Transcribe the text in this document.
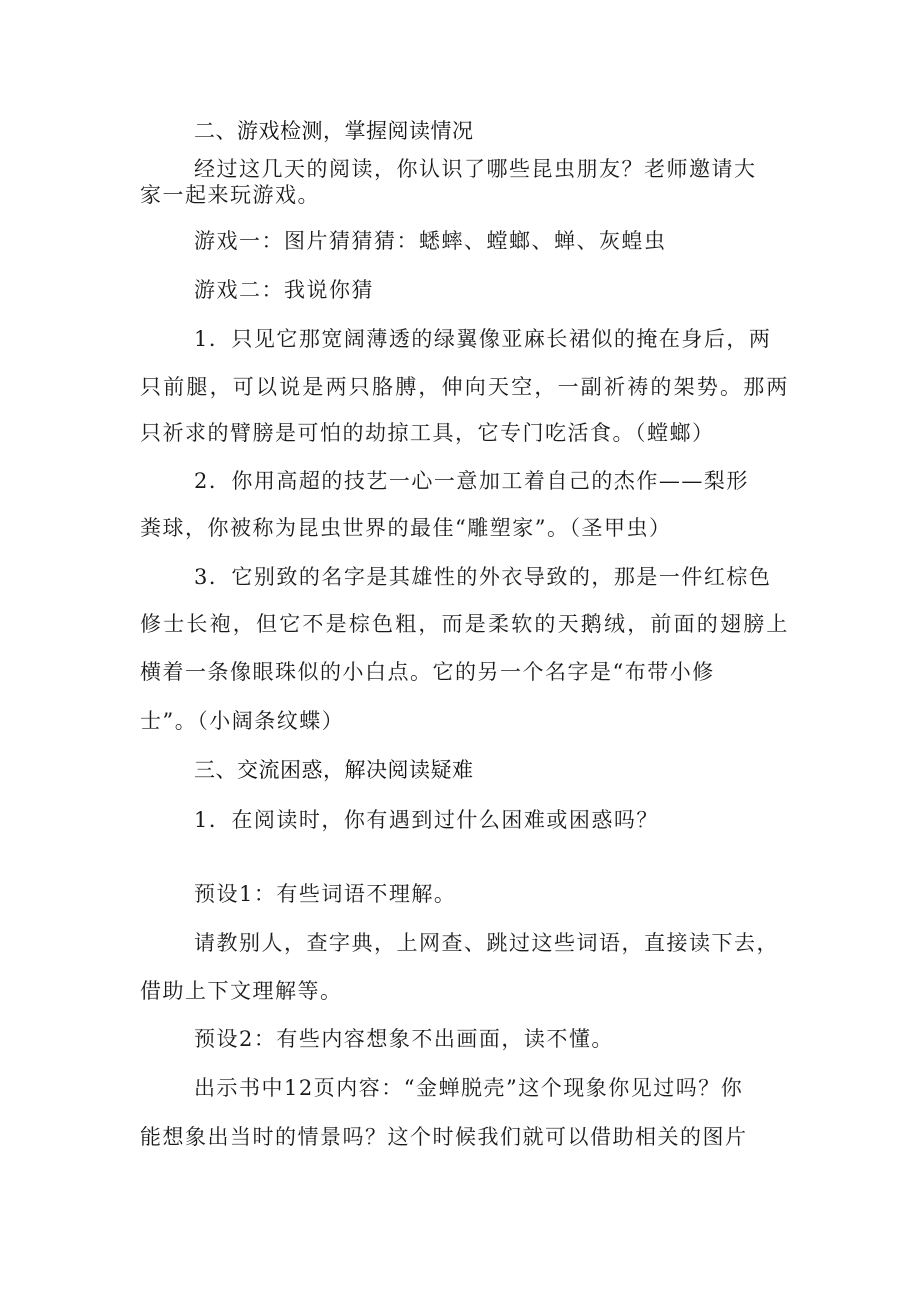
二、游戏检测，掌握阅读情况

经过这几天的阅读，你认识了哪些昆虫朋友？老师邀请大

家一起来玩游戏。

游戏一：图片猜猜猜：蟋蟀、螳螂、蝉、灰蝗虫

游戏二：我说你猜

1．只见它那宽阔薄透的绿翼像亚麻长裙似的掩在身后，两

只前腿，可以说是两只胳膊，伸向天空，一副祈祷的架势。那两

只祈求的臂膀是可怕的劫掠工具，它专门吃活食。（螳螂）

2．你用高超的技艺一心一意加工着自己的杰作——梨形

粪球，你被称为昆虫世界的最佳“雕塑家”。（圣甲虫）

3．它别致的名字是其雄性的外衣导致的，那是一件红棕色

修士长袍，但它不是棕色粗，而是柔软的天鹅绒，前面的翅膀上

横着一条像眼珠似的小白点。它的另一个名字是“布带小修

士”。（小阔条纹蝶）

三、交流困惑，解决阅读疑难

1．在阅读时，你有遇到过什么困难或困惑吗？

预设1：有些词语不理解。

请教别人，查字典，上网查、跳过这些词语，直接读下去，

借助上下文理解等。

预设2：有些内容想象不出画面，读不懂。

出示书中12页内容：“金蝉脱壳”这个现象你见过吗？你

能想象出当时的情景吗？这个时候我们就可以借助相关的图片
